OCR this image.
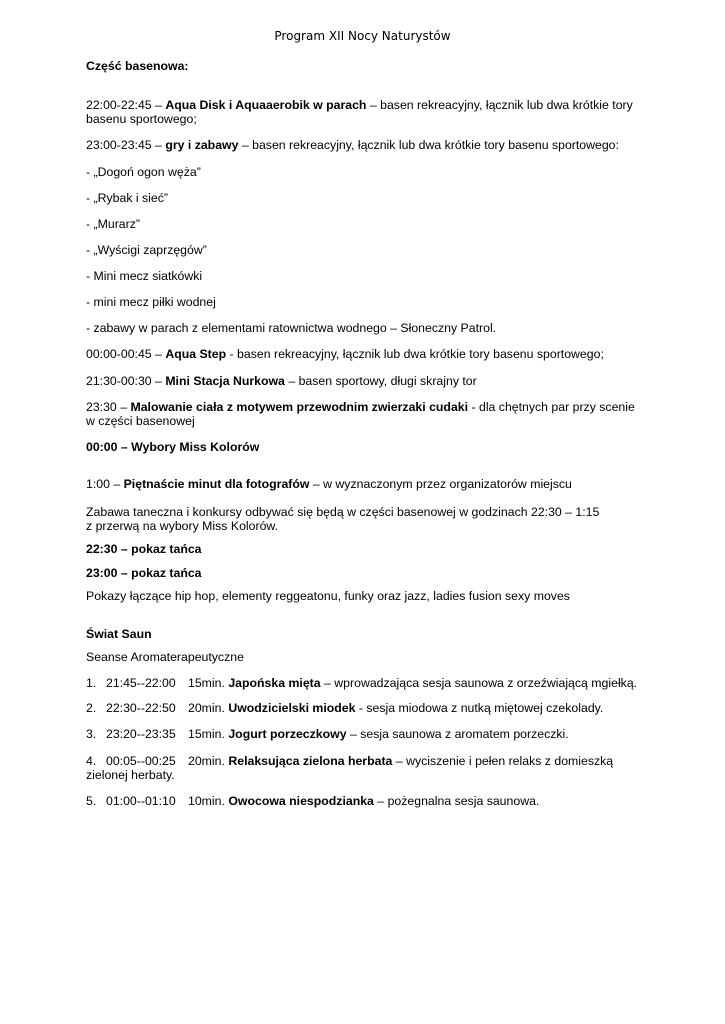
Program XII Nocy Naturystów
Część basenowa:
22:00-22:45 – Aqua Disk i Aquaaerobik w parach – basen rekreacyjny, łącznik lub dwa krótkie tory
basenu sportowego;
23:00-23:45 – gry i zabawy – basen rekreacyjny, łącznik lub dwa krótkie tory basenu sportowego:
- „Dogoń ogon węża”
- „Rybak i sieć”
- „Murarz”
- „Wyścigi zaprzęgów”
- Mini mecz siatkówki
- mini mecz piłki wodnej
- zabawy w parach z elementami ratownictwa wodnego – Słoneczny Patrol.
00:00-00:45 – Aqua Step - basen rekreacyjny, łącznik lub dwa krótkie tory basenu sportowego;
21:30-00:30 – Mini Stacja Nurkowa – basen sportowy, długi skrajny tor
23:30 – Malowanie ciała z motywem przewodnim zwierzaki cudaki - dla chętnych par przy scenie
w części basenowej
00:00 – Wybory Miss Kolorów
1:00 – Piętnaście minut dla fotografów – w wyznaczonym przez organizatorów miejscu
Zabawa taneczna i konkursy odbywać się będą w części basenowej w godzinach 22:30 – 1:15
z przerwą na wybory Miss Kolorów.
22:30 – pokaz tańca
23:00 – pokaz tańca
Pokazy łączące hip hop, elementy reggeatonu, funky oraz jazz, ladies fusion sexy moves
Świat Saun
Seanse Aromaterapeutyczne
1. 21:45--22:00 15min. Japońska mięta – wprowadzająca sesja saunowa z orzeźwiającą mgiełką.
2. 22:30--22:50 20min. Uwodzicielski miodek - sesja miodowa z nutką miętowej czekolady.
3. 23:20--23:35 15min. Jogurt porzeczkowy – sesja saunowa z aromatem porzeczki.
4. 00:05--00:25 20min. Relaksująca zielona herbata – wyciszenie i pełen relaks z domieszką
zielonej herbaty.
5. 01:00--01:10 10min. Owocowa niespodzianka – pożegnalna sesja saunowa.
